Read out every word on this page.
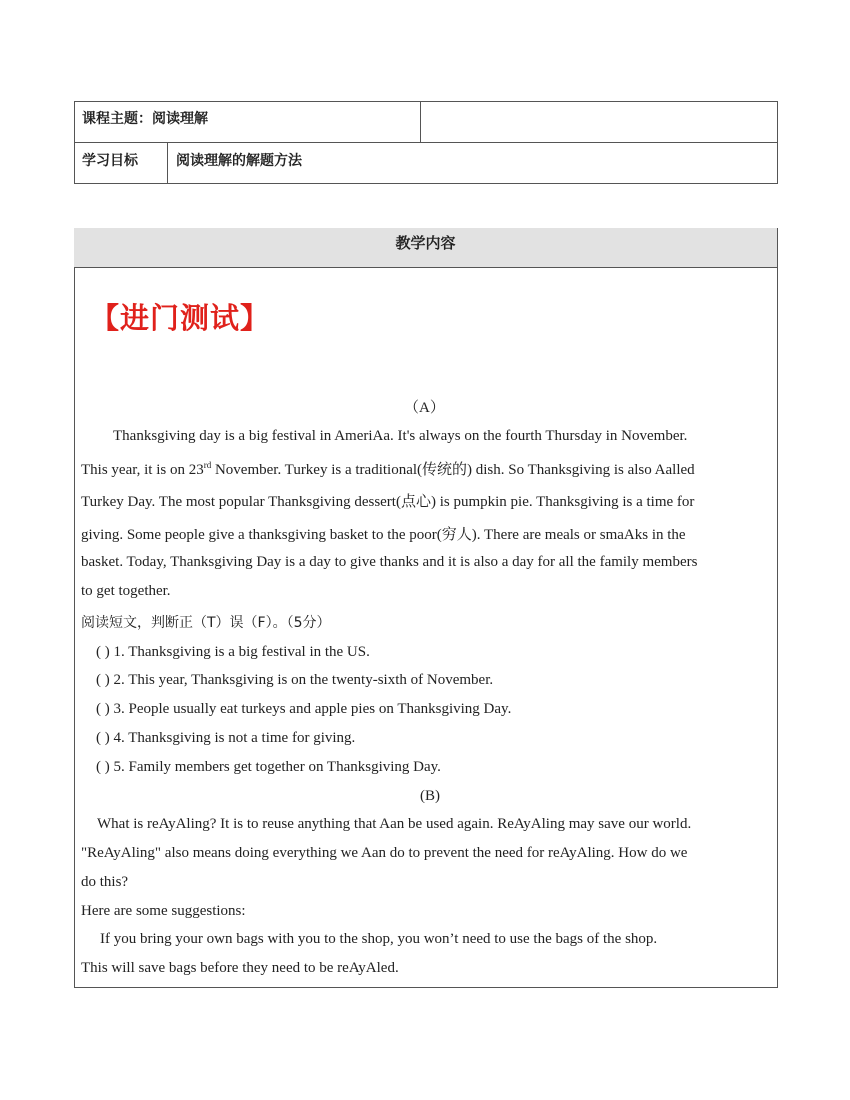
课程主题：阅读理解
学习目标	阅读理解的解题方法
教学内容
【进门测试】
（A）
Thanksgiving day is a big festival in AmeriAa. It's always on the fourth Thursday in November.
This year, it is on 23rd November. Turkey is a traditional(传统的) dish. So Thanksgiving is also Aalled
Turkey Day. The most popular Thanksgiving dessert(点心) is pumpkin pie. Thanksgiving is a time for
giving. Some people give a thanksgiving basket to the poor(穷人). There are meals or smaAks in the
basket. Today, Thanksgiving Day is a day to give thanks and it is also a day for all the family members
to get together.
阅读短文，判断正（T）误（F）。（5分）
( ) 1. Thanksgiving is a big festival in the US.
( ) 2. This year, Thanksgiving is on the twenty-sixth of November.
( ) 3. People usually eat turkeys and apple pies on Thanksgiving Day.
( ) 4. Thanksgiving is not a time for giving.
( ) 5. Family members get together on Thanksgiving Day.
(B)
What is reAyAling? It is to reuse anything that Aan be used again. ReAyAling may save our world.
"ReAyAling" also means doing everything we Aan do to prevent the need for reAyAling. How do we
do this?
Here are some suggestions:
If you bring your own bags with you to the shop, you won’t need to use the bags of the shop.
This will save bags before they need to be reAyAled.
